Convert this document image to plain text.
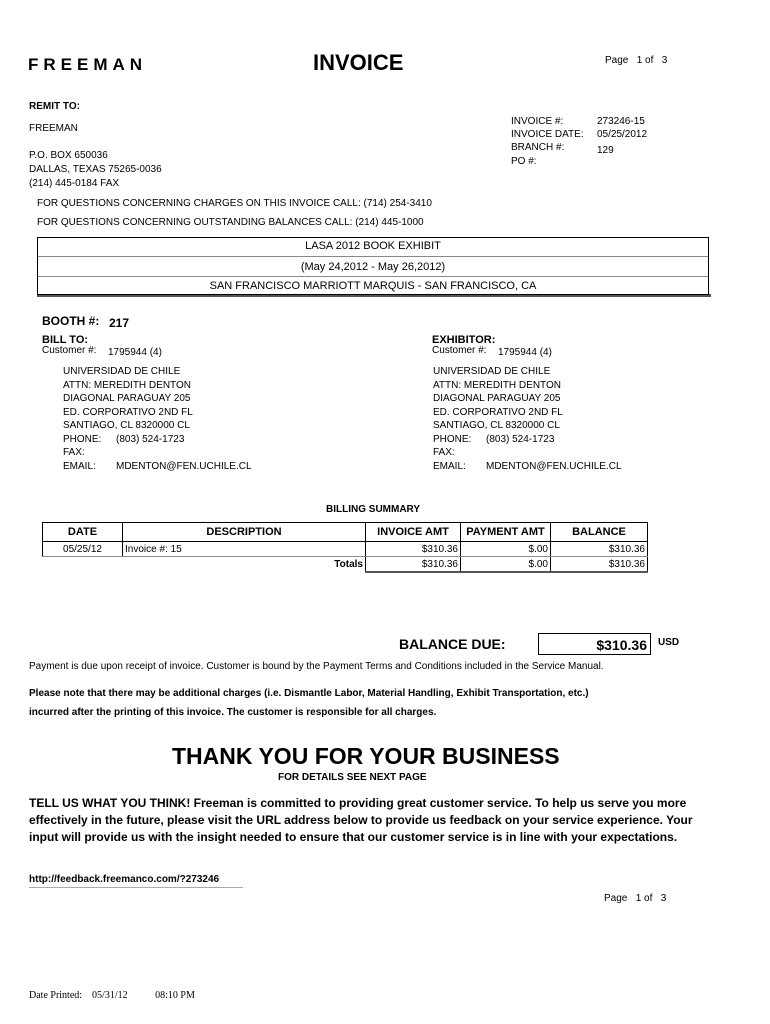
FREEMAN	INVOICE	Page 1 of 3
REMIT TO:
FREEMAN
P.O. BOX 650036
DALLAS, TEXAS 75265-0036
(214) 445-0184 FAX
INVOICE #:	273246-15
INVOICE DATE: 05/25/2012
BRANCH #:	129
PO #:
FOR QUESTIONS CONCERNING CHARGES ON THIS INVOICE CALL: (714) 254-3410
FOR QUESTIONS CONCERNING OUTSTANDING BALANCES CALL: (214) 445-1000
LASA 2012 BOOK EXHIBIT
(May 24,2012 - May 26,2012)
SAN FRANCISCO MARRIOTT MARQUIS - SAN FRANCISCO, CA
BOOTH #: 217
BILL TO:
Customer #: 1795944 (4)
UNIVERSIDAD DE CHILE
ATTN: MEREDITH DENTON
DIAGONAL PARAGUAY 205
ED. CORPORATIVO 2ND FL
SANTIAGO, CL 8320000 CL
PHONE: (803) 524-1723
FAX:
EMAIL: MDENTON@FEN.UCHILE.CL
EXHIBITOR:
Customer #: 1795944 (4)
UNIVERSIDAD DE CHILE
ATTN: MEREDITH DENTON
DIAGONAL PARAGUAY 205
ED. CORPORATIVO 2ND FL
SANTIAGO, CL 8320000 CL
PHONE: (803) 524-1723
FAX:
EMAIL: MDENTON@FEN.UCHILE.CL
BILLING SUMMARY
DATE	DESCRIPTION	INVOICE AMT	PAYMENT AMT	BALANCE
05/25/12	Invoice #: 15	$310.36	$.00	$310.36
	Totals	$310.36	$.00	$310.36
BALANCE DUE:	$310.36 USD
Payment is due upon receipt of invoice. Customer is bound by the Payment Terms and Conditions included in the Service Manual.
Please note that there may be additional charges (i.e. Dismantle Labor, Material Handling, Exhibit Transportation, etc.)
incurred after the printing of this invoice. The customer is responsible for all charges.
THANK YOU FOR YOUR BUSINESS
FOR DETAILS SEE NEXT PAGE
TELL US WHAT YOU THINK! Freeman is committed to providing great customer service. To help us serve you more effectively in the future, please visit the URL address below to provide us feedback on your service experience. Your input will provide us with the insight needed to ensure that our customer service is in line with your expectations.
http://feedback.freemanco.com/?273246
Page 1 of 3
Date Printed: 05/31/12	08:10 PM
